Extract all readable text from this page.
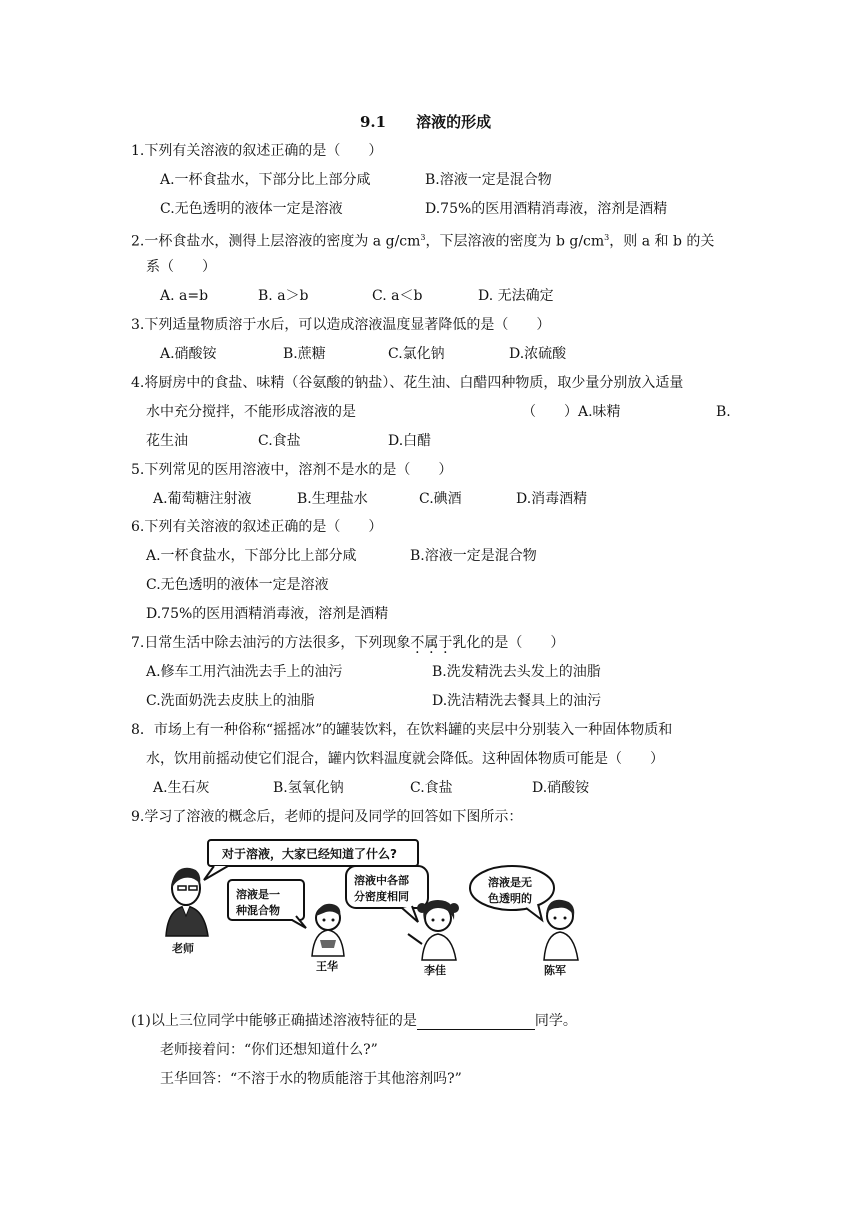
9.1　　溶液的形成
1.下列有关溶液的叙述正确的是（　　）
A.一杯食盐水，下部分比上部分咸	B.溶液一定是混合物
C.无色透明的液体一定是溶液	D.75%的医用酒精消毒液，溶剂是酒精
2.一杯食盐水，测得上层溶液的密度为 a $g/cm^3$，下层溶液的密度为 b $g/cm^3$，则 a 和 b 的关
系（　　）
A. a=b	B. a＞b	C. a＜b	D. 无法确定
3.下列适量物质溶于水后，可以造成溶液温度显著降低的是（　　）
A.硝酸铵	B.蔗糖	C.氯化钠	D.浓硫酸
4.将厨房中的食盐、味精（谷氨酸的钠盐）、花生油、白醋四种物质，取少量分别放入适量
水中充分搅拌，不能形成溶液的是	（　　）A.味精	B.
花生油	C.食盐	D.白醋
5.下列常见的医用溶液中，溶剂不是水的是（　　）
A.葡萄糖注射液	B.生理盐水	C.碘酒	D.消毒酒精
6.下列有关溶液的叙述正确的是（　　）
A.一杯食盐水，下部分比上部分咸	B.溶液一定是混合物
C.无色透明的液体一定是溶液
D.75%的医用酒精消毒液，溶剂是酒精
7.日常生活中除去油污的方法很多，下列现象不属于乳化的是（　　）
A.修车工用汽油洗去手上的油污	B.洗发精洗去头发上的油脂
C.洗面奶洗去皮肤上的油脂	D.洗洁精洗去餐具上的油污
8．市场上有一种俗称“摇摇冰”的罐装饮料，在饮料罐的夹层中分别装入一种固体物质和
水，饮用前摇动使它们混合，罐内饮料温度就会降低。这种固体物质可能是（　　）
A.生石灰	B.氢氧化钠	C.食盐	D.硝酸铵
9.学习了溶液的概念后，老师的提问及同学的回答如下图所示：
对于溶液，大家已经知道了什么?
老师
溶液是一
种混合物
王华
溶液中各部
分密度相同
李佳
溶液是无
色透明的
陈军
(1)以上三位同学中能够正确描述溶液特征的是	同学。
老师接着问：“你们还想知道什么?”
王华回答：“不溶于水的物质能溶于其他溶剂吗?”
